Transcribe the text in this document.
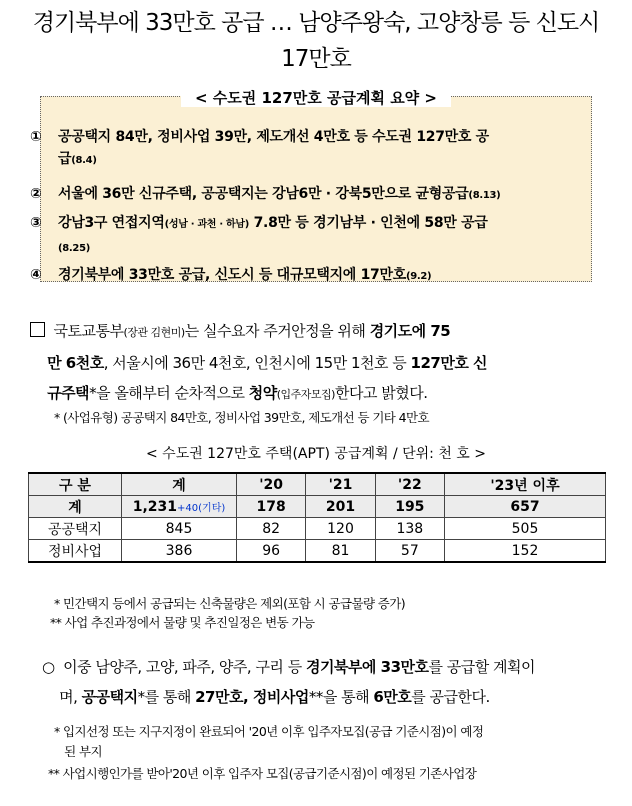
경기북부에 33만호 공급 … 남양주왕숙, 고양창릉 등 신도시
17만호
< 수도권 127만호 공급계획 요약 >
① 공공택지 84만, 정비사업 39만, 제도개선 4만호 등 수도권 127만호 공
급(8.4)
② 서울에 36만 신규주택, 공공택지는 강남6만 · 강북5만으로 균형공급(8.13)
③ 강남3구 연접지역(성남 · 과천 · 하남) 7.8만 등 경기남부 · 인천에 58만 공급
(8.25)
④ 경기북부에 33만호 공급, 신도시 등 대규모택지에 17만호(9.2)
국토교통부(장관 김현미)는 실수요자 주거안정을 위해 경기도에 75
만 6천호, 서울시에 36만 4천호, 인천시에 15만 1천호 등 127만호 신
규주택*을 올해부터 순차적으로 청약(입주자모집)한다고 밝혔다.
* (사업유형) 공공택지 84만호, 정비사업 39만호, 제도개선 등 기타 4만호
< 수도권 127만호 주택(APT) 공급계획 / 단위: 천 호 >
구 분	계	'20	'21	'22	'23년 이후
계	1,231+40(기타)	178	201	195	657
공공택지	845	82	120	138	505
정비사업	386	96	81	57	152
* 민간택지 등에서 공급되는 신축물량은 제외(포함 시 공급물량 증가)
** 사업 추진과정에서 물량 및 추진일정은 변동 가능
○ 이중 남양주, 고양, 파주, 양주, 구리 등 경기북부에 33만호를 공급할 계획이
며, 공공택지*를 통해 27만호, 정비사업**을 통해 6만호를 공급한다.
* 입지선정 또는 지구지정이 완료되어 '20년 이후 입주자모집(공급 기준시점)이 예정
된 부지
** 사업시행인가를 받아'20년 이후 입주자 모집(공급기준시점)이 예정된 기존사업장
